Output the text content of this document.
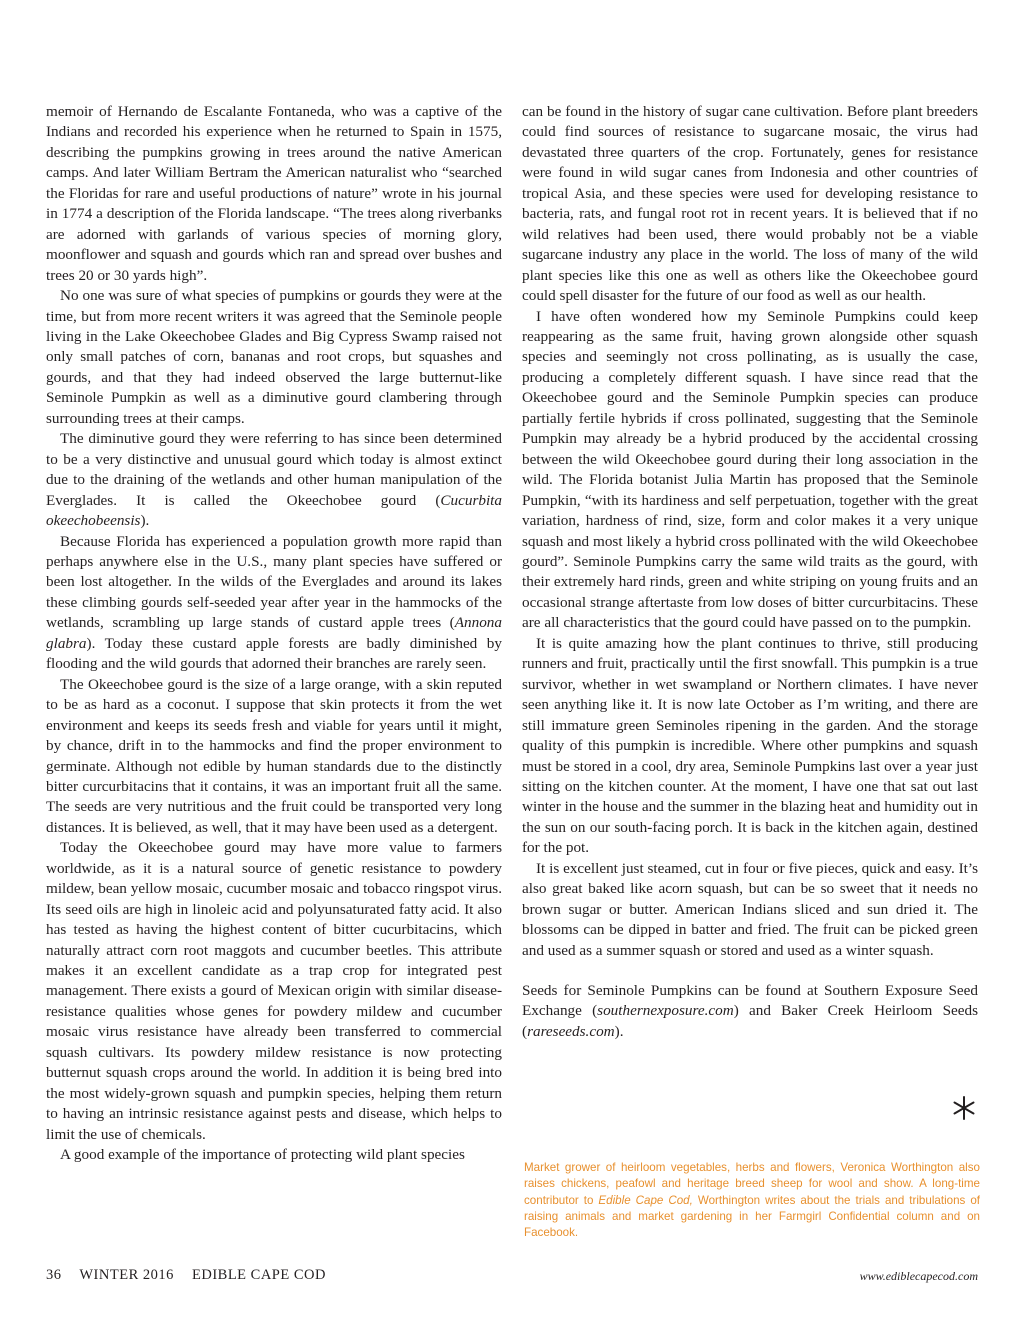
memoir of Hernando de Escalante Fontaneda, who was a captive of the Indians and recorded his experience when he returned to Spain in 1575, describing the pumpkins growing in trees around the native American camps. And later William Bertram the American naturalist who “searched the Floridas for rare and useful productions of nature” wrote in his journal in 1774 a description of the Florida landscape. “The trees along riverbanks are adorned with garlands of various species of morning glory, moonflower and squash and gourds which ran and spread over bushes and trees 20 or 30 yards high”.

No one was sure of what species of pumpkins or gourds they were at the time, but from more recent writers it was agreed that the Seminole people living in the Lake Okeechobee Glades and Big Cypress Swamp raised not only small patches of corn, bananas and root crops, but squashes and gourds, and that they had indeed observed the large butternut-like Seminole Pumpkin as well as a diminutive gourd clambering through surrounding trees at their camps.

The diminutive gourd they were referring to has since been determined to be a very distinctive and unusual gourd which today is almost extinct due to the draining of the wetlands and other human manipulation of the Everglades. It is called the Okeechobee gourd (Cucurbita okeechobeensis).

Because Florida has experienced a population growth more rapid than perhaps anywhere else in the U.S., many plant species have suffered or been lost altogether. In the wilds of the Everglades and around its lakes these climbing gourds self-seeded year after year in the hammocks of the wetlands, scrambling up large stands of custard apple trees (Annona glabra). Today these custard apple forests are badly diminished by flooding and the wild gourds that adorned their branches are rarely seen.

The Okeechobee gourd is the size of a large orange, with a skin reputed to be as hard as a coconut. I suppose that skin protects it from the wet environment and keeps its seeds fresh and viable for years until it might, by chance, drift in to the hammocks and find the proper environment to germinate. Although not edible by human standards due to the distinctly bitter curcurbitacins that it contains, it was an important fruit all the same. The seeds are very nutritious and the fruit could be transported very long distances. It is believed, as well, that it may have been used as a detergent.

Today the Okeechobee gourd may have more value to farmers worldwide, as it is a natural source of genetic resistance to powdery mildew, bean yellow mosaic, cucumber mosaic and tobacco ringspot virus. Its seed oils are high in linoleic acid and polyunsaturated fatty acid. It also has tested as having the highest content of bitter cucurbitacins, which naturally attract corn root maggots and cucumber beetles. This attribute makes it an excellent candidate as a trap crop for integrated pest management. There exists a gourd of Mexican origin with similar disease-resistance qualities whose genes for powdery mildew and cucumber mosaic virus resistance have already been transferred to commercial squash cultivars. Its powdery mildew resistance is now protecting butternut squash crops around the world. In addition it is being bred into the most widely-grown squash and pumpkin species, helping them return to having an intrinsic resistance against pests and disease, which helps to limit the use of chemicals.

A good example of the importance of protecting wild plant species

can be found in the history of sugar cane cultivation. Before plant breeders could find sources of resistance to sugarcane mosaic, the virus had devastated three quarters of the crop. Fortunately, genes for resistance were found in wild sugar canes from Indonesia and other countries of tropical Asia, and these species were used for developing resistance to bacteria, rats, and fungal root rot in recent years. It is believed that if no wild relatives had been used, there would probably not be a viable sugarcane industry any place in the world. The loss of many of the wild plant species like this one as well as others like the Okeechobee gourd could spell disaster for the future of our food as well as our health.

I have often wondered how my Seminole Pumpkins could keep reappearing as the same fruit, having grown alongside other squash species and seemingly not cross pollinating, as is usually the case, producing a completely different squash. I have since read that the Okeechobee gourd and the Seminole Pumpkin species can produce partially fertile hybrids if cross pollinated, suggesting that the Seminole Pumpkin may already be a hybrid produced by the accidental crossing between the wild Okeechobee gourd during their long association in the wild. The Florida botanist Julia Martin has proposed that the Seminole Pumpkin, “with its hardiness and self perpetuation, together with the great variation, hardness of rind, size, form and color makes it a very unique squash and most likely a hybrid cross pollinated with the wild Okeechobee gourd”. Seminole Pumpkins carry the same wild traits as the gourd, with their extremely hard rinds, green and white striping on young fruits and an occasional strange aftertaste from low doses of bitter curcurbitacins. These are all characteristics that the gourd could have passed on to the pumpkin.

It is quite amazing how the plant continues to thrive, still producing runners and fruit, practically until the first snowfall. This pumpkin is a true survivor, whether in wet swampland or Northern climates. I have never seen anything like it. It is now late October as I’m writing, and there are still immature green Seminoles ripening in the garden. And the storage quality of this pumpkin is incredible. Where other pumpkins and squash must be stored in a cool, dry area, Seminole Pumpkins last over a year just sitting on the kitchen counter. At the moment, I have one that sat out last winter in the house and the summer in the blazing heat and humidity out in the sun on our south-facing porch. It is back in the kitchen again, destined for the pot.

It is excellent just steamed, cut in four or five pieces, quick and easy. It’s also great baked like acorn squash, but can be so sweet that it needs no brown sugar or butter. American Indians sliced and sun dried it. The blossoms can be dipped in batter and fried. The fruit can be picked green and used as a summer squash or stored and used as a winter squash.

Seeds for Seminole Pumpkins can be found at Southern Exposure Seed Exchange (southernexposure.com) and Baker Creek Heirloom Seeds (rareseeds.com).

Market grower of heirloom vegetables, herbs and flowers, Veronica Worthington also raises chickens, peafowl and heritage breed sheep for wool and show. A long-time contributor to Edible Cape Cod, Worthington writes about the trials and tribulations of raising animals and market gardening in her Farmgirl Confidential column and on Facebook.

36 WINTER 2016 EDIBLE CAPE COD	www.ediblecapecod.com
